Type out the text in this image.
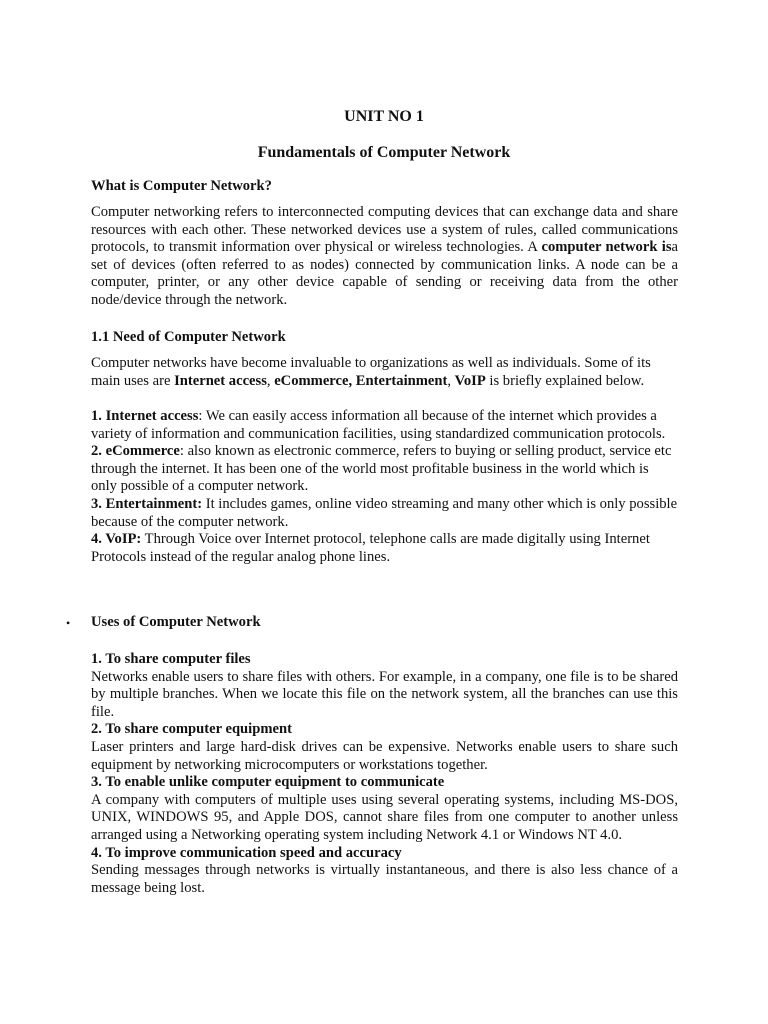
UNIT NO 1
Fundamentals of Computer Network

What is Computer Network?

Computer networking refers to interconnected computing devices that can exchange data and share resources with each other. These networked devices use a system of rules, called communications protocols, to transmit information over physical or wireless technologies. A computer network isa set of devices (often referred to as nodes) connected by communication links. A node can be a computer, printer, or any other device capable of sending or receiving data from the other node/device through the network.

1.1 Need of Computer Network

Computer networks have become invaluable to organizations as well as individuals. Some of its main uses are Internet access, eCommerce, Entertainment, VoIP is briefly explained below.

1. Internet access: We can easily access information all because of the internet which provides a variety of information and communication facilities, using standardized communication protocols.
2. eCommerce: also known as electronic commerce, refers to buying or selling product, service etc through the internet. It has been one of the world most profitable business in the world which is only possible of a computer network.
3. Entertainment: It includes games, online video streaming and many other which is only possible because of the computer network.
4. VoIP: Through Voice over Internet protocol, telephone calls are made digitally using Internet Protocols instead of the regular analog phone lines.
• Uses of Computer Network

1. To share computer files
Networks enable users to share files with others. For example, in a company, one file is to be shared by multiple branches. When we locate this file on the network system, all the branches can use this file.
2. To share computer equipment
Laser printers and large hard-disk drives can be expensive. Networks enable users to share such equipment by networking microcomputers or workstations together.
3. To enable unlike computer equipment to communicate
A company with computers of multiple uses using several operating systems, including MS-DOS, UNIX, WINDOWS 95, and Apple DOS, cannot share files from one computer to another unless arranged using a Networking operating system including Network 4.1 or Windows NT 4.0.
4. To improve communication speed and accuracy
Sending messages through networks is virtually instantaneous, and there is also less chance of a message being lost.
